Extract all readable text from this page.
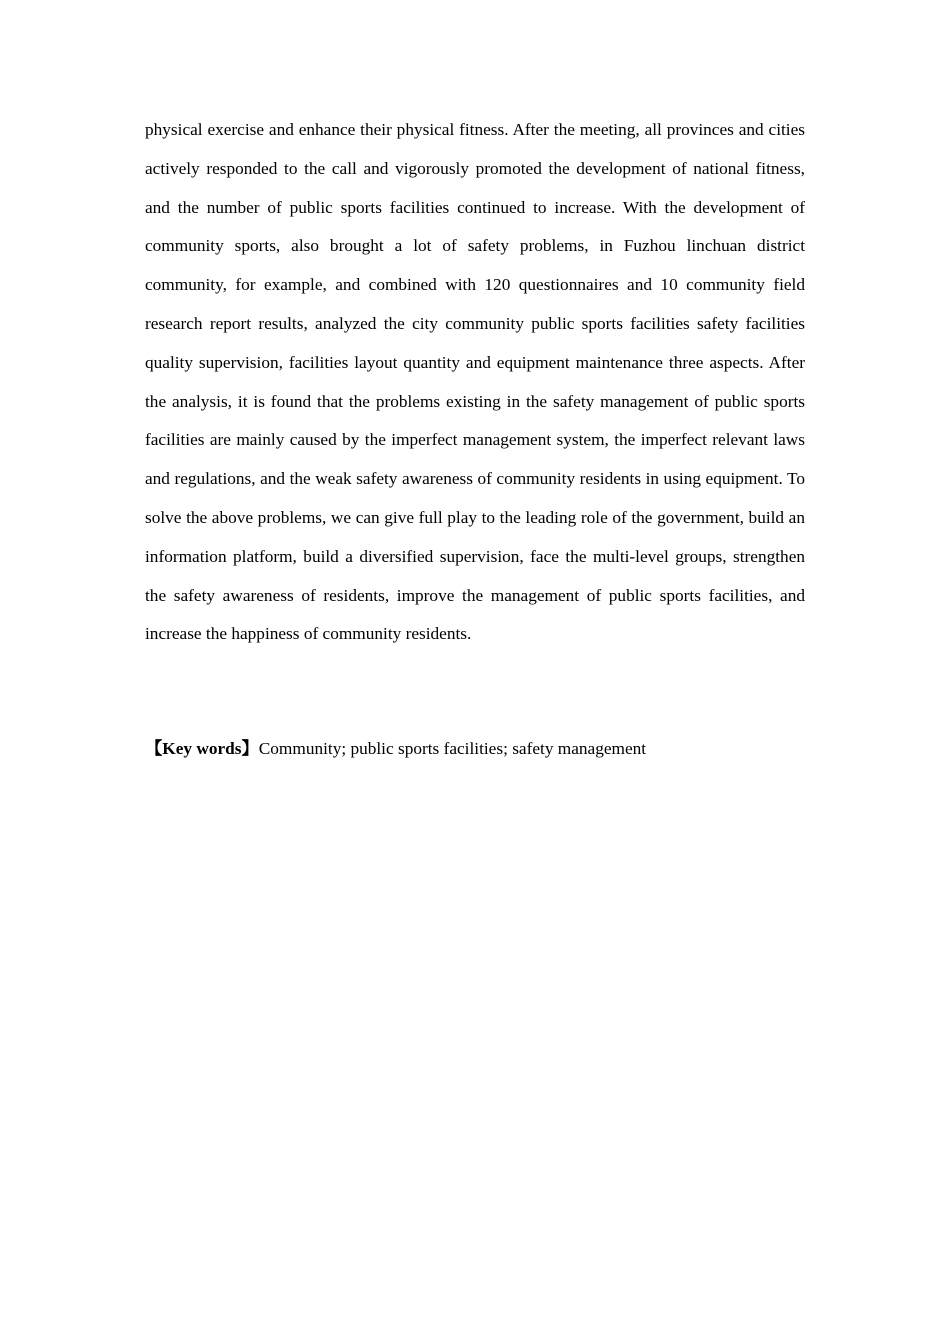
physical exercise and enhance their physical fitness. After the meeting, all provinces and cities actively responded to the call and vigorously promoted the development of national fitness, and the number of public sports facilities continued to increase. With the development of community sports, also brought a lot of safety problems, in Fuzhou linchuan district community, for example, and combined with 120 questionnaires and 10 community field research report results, analyzed the city community public sports facilities safety facilities quality supervision, facilities layout quantity and equipment maintenance three aspects. After the analysis, it is found that the problems existing in the safety management of public sports facilities are mainly caused by the imperfect management system, the imperfect relevant laws and regulations, and the weak safety awareness of community residents in using equipment. To solve the above problems, we can give full play to the leading role of the government, build an information platform, build a diversified supervision, face the multi-level groups, strengthen the safety awareness of residents, improve the management of public sports facilities, and increase the happiness of community residents.

【Key words】Community; public sports facilities; safety management
